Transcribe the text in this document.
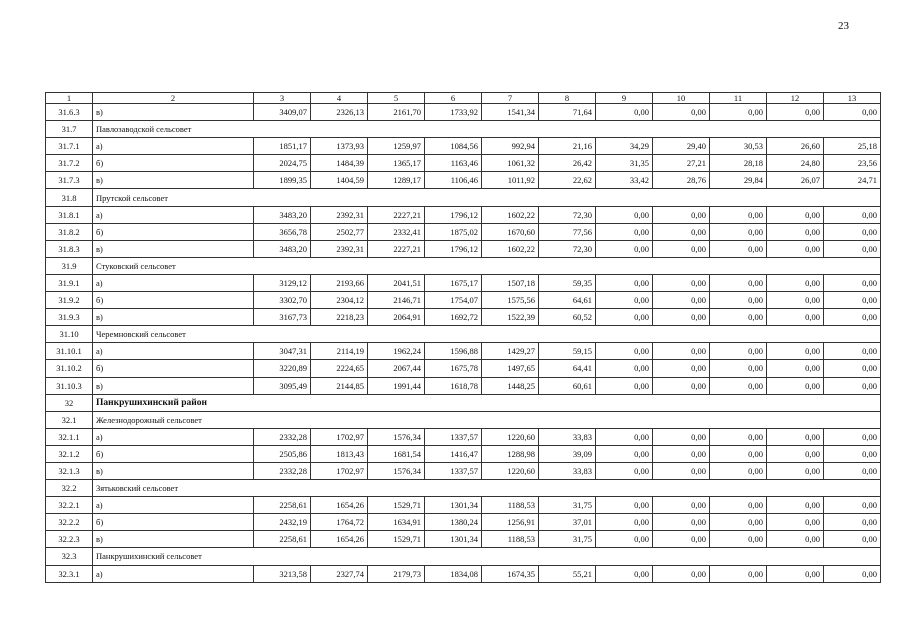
23
1	2	3	4	5	6	7	8	9	10	11	12	13
31.6.3	в)	3409,07	2326,13	2161,70	1733,92	1541,34	71,64	0,00	0,00	0,00	0,00	0,00
31.7	Павлозаводской сельсовет											
31.7.1	а)	1851,17	1373,93	1259,97	1084,56	992,94	21,16	34,29	29,40	30,53	26,60	25,18
31.7.2	б)	2024,75	1484,39	1365,17	1163,46	1061,32	26,42	31,35	27,21	28,18	24,80	23,56
31.7.3	в)	1899,35	1404,59	1289,17	1106,46	1011,92	22,62	33,42	28,76	29,84	26,07	24,71
31.8	Прутской сельсовет											
31.8.1	а)	3483,20	2392,31	2227,21	1796,12	1602,22	72,30	0,00	0,00	0,00	0,00	0,00
31.8.2	б)	3656,78	2502,77	2332,41	1875,02	1670,60	77,56	0,00	0,00	0,00	0,00	0,00
31.8.3	в)	3483,20	2392,31	2227,21	1796,12	1602,22	72,30	0,00	0,00	0,00	0,00	0,00
31.9	Стуковский сельсовет											
31.9.1	а)	3129,12	2193,66	2041,51	1675,17	1507,18	59,35	0,00	0,00	0,00	0,00	0,00
31.9.2	б)	3302,70	2304,12	2146,71	1754,07	1575,56	64,61	0,00	0,00	0,00	0,00	0,00
31.9.3	в)	3167,73	2218,23	2064,91	1692,72	1522,39	60,52	0,00	0,00	0,00	0,00	0,00
31.10	Черемновский сельсовет											
31.10.1	а)	3047,31	2114,19	1962,24	1596,88	1429,27	59,15	0,00	0,00	0,00	0,00	0,00
31.10.2	б)	3220,89	2224,65	2067,44	1675,78	1497,65	64,41	0,00	0,00	0,00	0,00	0,00
31.10.3	в)	3095,49	2144,85	1991,44	1618,78	1448,25	60,61	0,00	0,00	0,00	0,00	0,00
32	Панкрушихинский район											
32.1	Железнодорожный сельсовет											
32.1.1	а)	2332,28	1702,97	1576,34	1337,57	1220,60	33,83	0,00	0,00	0,00	0,00	0,00
32.1.2	б)	2505,86	1813,43	1681,54	1416,47	1288,98	39,09	0,00	0,00	0,00	0,00	0,00
32.1.3	в)	2332,28	1702,97	1576,34	1337,57	1220,60	33,83	0,00	0,00	0,00	0,00	0,00
32.2	Зятьковский сельсовет											
32.2.1	а)	2258,61	1654,26	1529,71	1301,34	1188,53	31,75	0,00	0,00	0,00	0,00	0,00
32.2.2	б)	2432,19	1764,72	1634,91	1380,24	1256,91	37,01	0,00	0,00	0,00	0,00	0,00
32.2.3	в)	2258,61	1654,26	1529,71	1301,34	1188,53	31,75	0,00	0,00	0,00	0,00	0,00
32.3	Панкрушихинский сельсовет											
32.3.1	а)	3213,58	2327,74	2179,73	1834,08	1674,35	55,21	0,00	0,00	0,00	0,00	0,00
